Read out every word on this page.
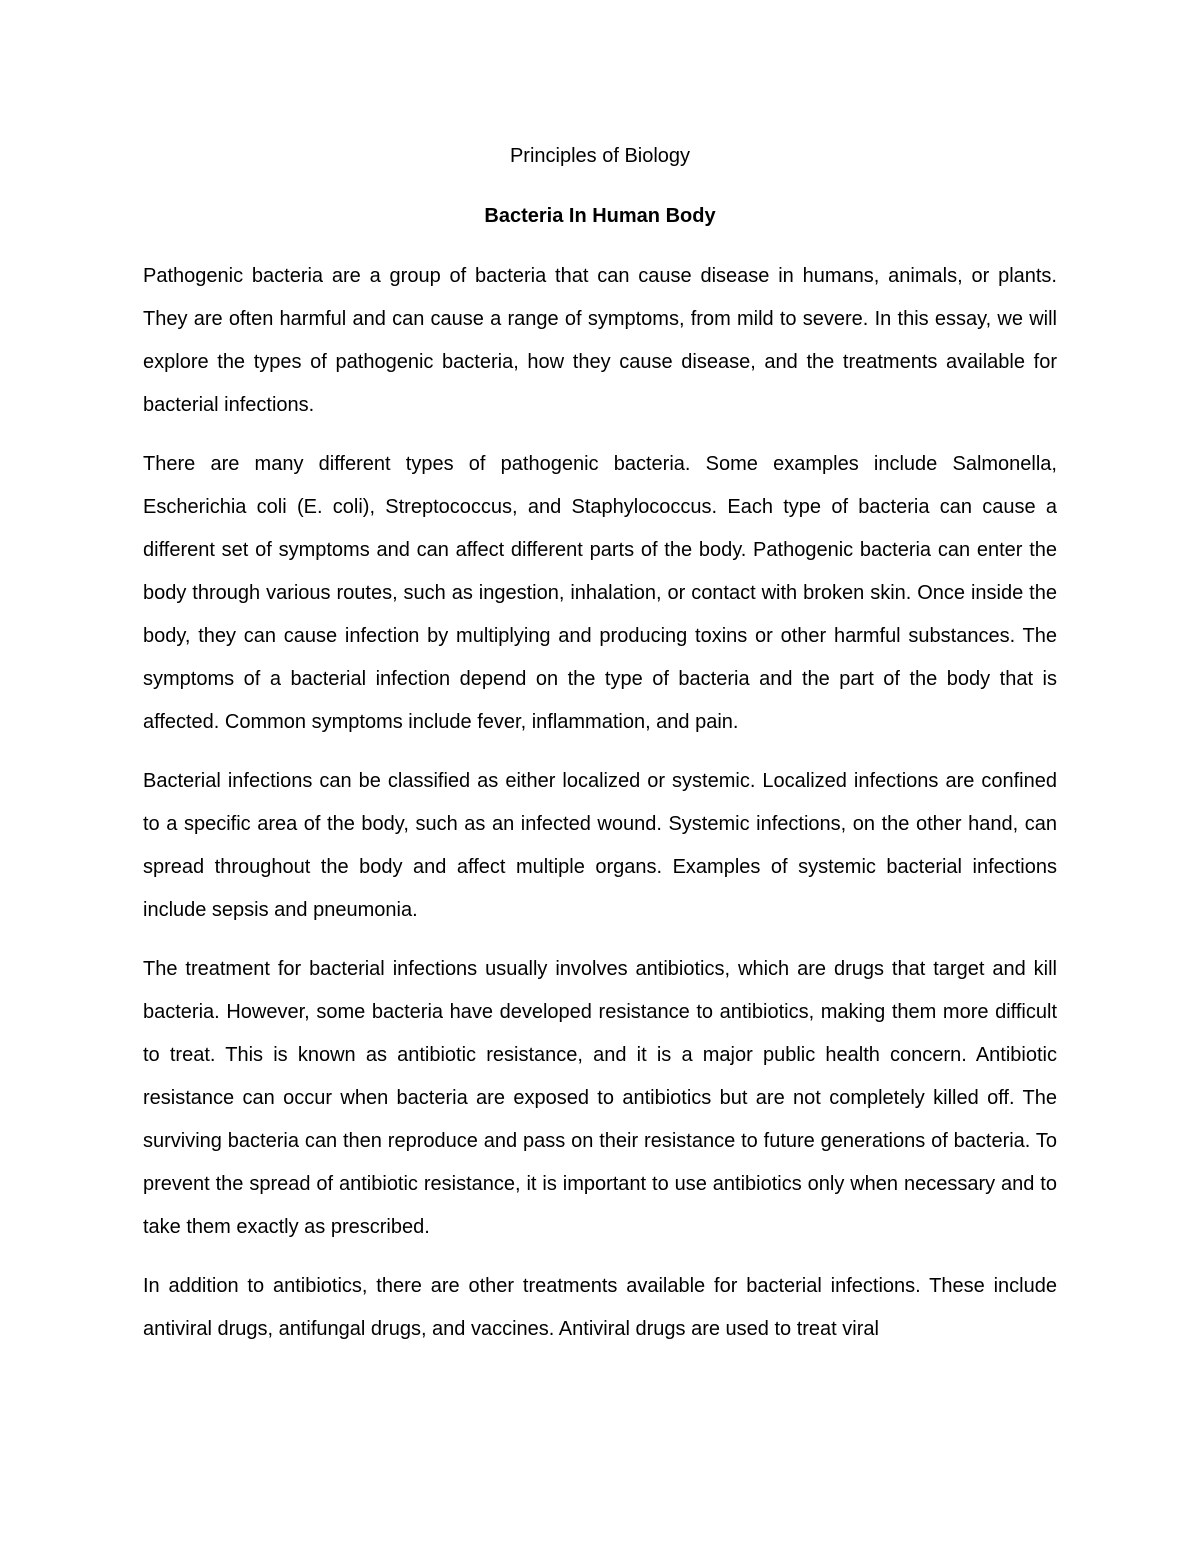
Principles of Biology
Bacteria In Human Body

Pathogenic bacteria are a group of bacteria that can cause disease in humans, animals, or plants. They are often harmful and can cause a range of symptoms, from mild to severe. In this essay, we will explore the types of pathogenic bacteria, how they cause disease, and the treatments available for bacterial infections.

There are many different types of pathogenic bacteria. Some examples include Salmonella, Escherichia coli (E. coli), Streptococcus, and Staphylococcus. Each type of bacteria can cause a different set of symptoms and can affect different parts of the body. Pathogenic bacteria can enter the body through various routes, such as ingestion, inhalation, or contact with broken skin. Once inside the body, they can cause infection by multiplying and producing toxins or other harmful substances. The symptoms of a bacterial infection depend on the type of bacteria and the part of the body that is affected. Common symptoms include fever, inflammation, and pain.

Bacterial infections can be classified as either localized or systemic. Localized infections are confined to a specific area of the body, such as an infected wound. Systemic infections, on the other hand, can spread throughout the body and affect multiple organs. Examples of systemic bacterial infections include sepsis and pneumonia.

The treatment for bacterial infections usually involves antibiotics, which are drugs that target and kill bacteria. However, some bacteria have developed resistance to antibiotics, making them more difficult to treat. This is known as antibiotic resistance, and it is a major public health concern. Antibiotic resistance can occur when bacteria are exposed to antibiotics but are not completely killed off. The surviving bacteria can then reproduce and pass on their resistance to future generations of bacteria. To prevent the spread of antibiotic resistance, it is important to use antibiotics only when necessary and to take them exactly as prescribed.

In addition to antibiotics, there are other treatments available for bacterial infections. These include antiviral drugs, antifungal drugs, and vaccines. Antiviral drugs are used to treat viral
